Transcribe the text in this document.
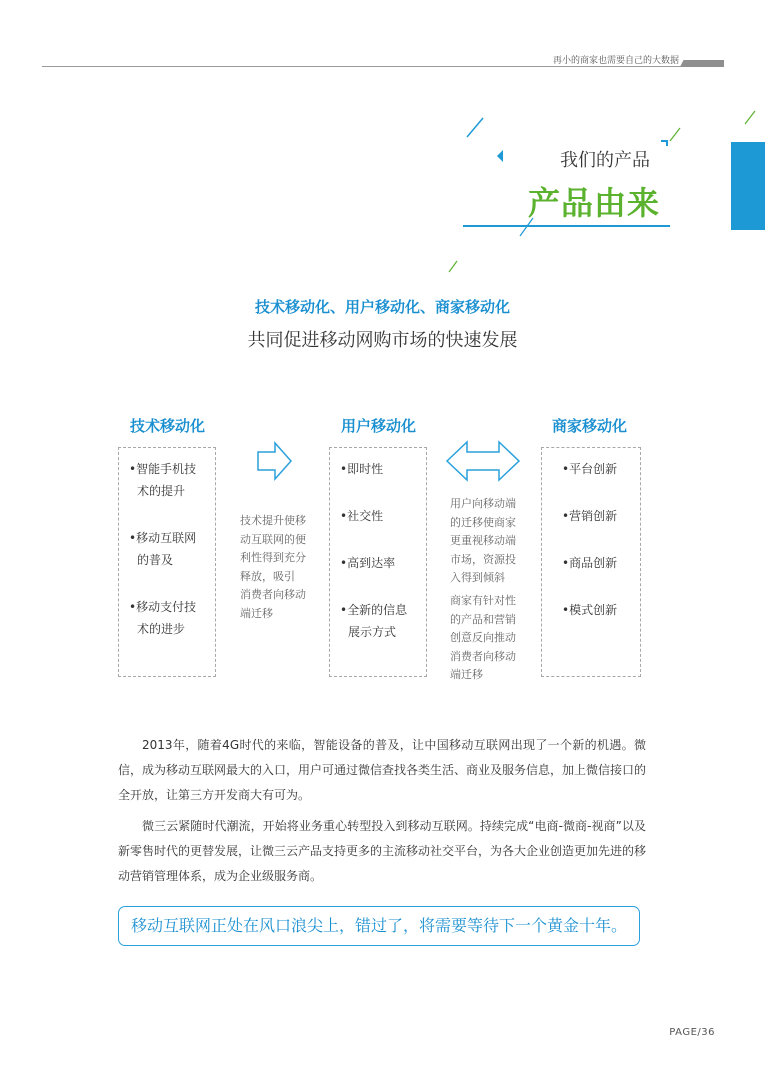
再小的商家也需要自己的大数据
我们的产品
产品由来
技术移动化、用户移动化、商家移动化
共同促进移动网购市场的快速发展
技术移动化
•智能手机技
术的提升
•移动互联网
的普及
•移动支付技
术的进步
技术提升使移
动互联网的便
利性得到充分
释放，吸引
消费者向移动
端迁移
用户移动化
•即时性
•社交性
•高到达率
•全新的信息
展示方式
用户向移动端
的迁移使商家
更重视移动端
市场，资源投
入得到倾斜
商家有针对性
的产品和营销
创意反向推动
消费者向移动
端迁移
商家移动化
•平台创新
•营销创新
•商品创新
•模式创新
2013年，随着4G时代的来临，智能设备的普及，让中国移动互联网出现了一个新的机遇。微信，成为移动互联网最大的入口，用户可通过微信查找各类生活、商业及服务信息，加上微信接口的全开放，让第三方开发商大有可为。
微三云紧随时代潮流，开始将业务重心转型投入到移动互联网。持续完成“电商-微商-视商”以及新零售时代的更替发展，让微三云产品支持更多的主流移动社交平台，为各大企业创造更加先进的移动营销管理体系，成为企业级服务商。
移动互联网正处在风口浪尖上，错过了，将需要等待下一个黄金十年。
PAGE/36
